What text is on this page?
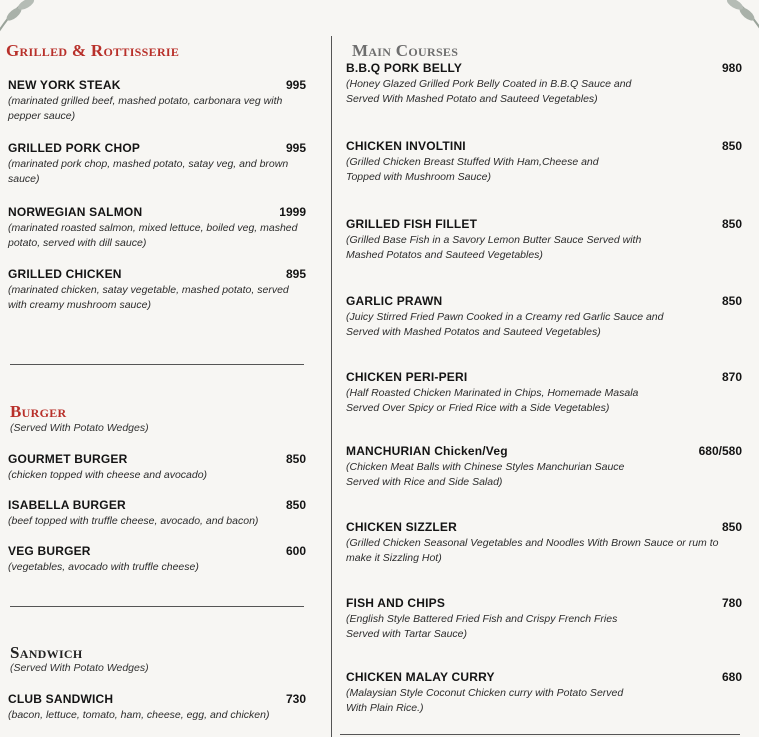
Grilled & Rottisserie
NEW YORK STEAK	995
(marinated grilled beef, mashed potato, carbonara veg with pepper sauce)
GRILLED PORK CHOP	995
(marinated pork chop, mashed potato, satay veg, and brown sauce)
NORWEGIAN SALMON	1999
(marinated roasted salmon, mixed lettuce, boiled veg, mashed potato, served with dill sauce)
GRILLED CHICKEN	895
(marinated chicken, satay vegetable, mashed potato, served with creamy mushroom sauce)
Burger
(Served With Potato Wedges)
GOURMET BURGER	850
(chicken topped with cheese and avocado)
ISABELLA BURGER	850
(beef topped with truffle cheese, avocado, and bacon)
VEG BURGER	600
(vegetables, avocado with truffle cheese)
Sandwich
(Served With Potato Wedges)
CLUB SANDWICH	730
(bacon, lettuce, tomato, ham, cheese, egg, and chicken)
Main Courses
B.B.Q PORK BELLY	980
(Honey Glazed Grilled Pork Belly Coated in B.B.Q Sauce and Served With Mashed Potato and Sauteed Vegetables)
CHICKEN INVOLTINI	850
(Grilled Chicken Breast Stuffed With Ham,Cheese and Topped with Mushroom Sauce)
GRILLED FISH FILLET	850
(Grilled Base Fish in a Savory Lemon Butter Sauce Served with Mashed Potatos and Sauteed Vegetables)
GARLIC PRAWN	850
(Juicy Stirred Fried Pawn Cooked in a Creamy red Garlic Sauce and Served with Mashed Potatos and Sauteed Vegetables)
CHICKEN PERI-PERI	870
(Half Roasted Chicken Marinated in Chips, Homemade Masala Served Over Spicy or Fried Rice with a Side Vegetables)
MANCHURIAN Chicken/Veg	680/580
(Chicken Meat Balls with Chinese Styles Manchurian Sauce Served with Rice and Side Salad)
CHICKEN SIZZLER	850
(Grilled Chicken Seasonal Vegetables and Noodles With Brown Sauce or rum to make it Sizzling Hot)
FISH AND CHIPS	780
(English Style Battered Fried Fish and Crispy French Fries Served with Tartar Sauce)
CHICKEN MALAY CURRY	680
(Malaysian Style Coconut Chicken curry with Potato Served With Plain Rice.)
